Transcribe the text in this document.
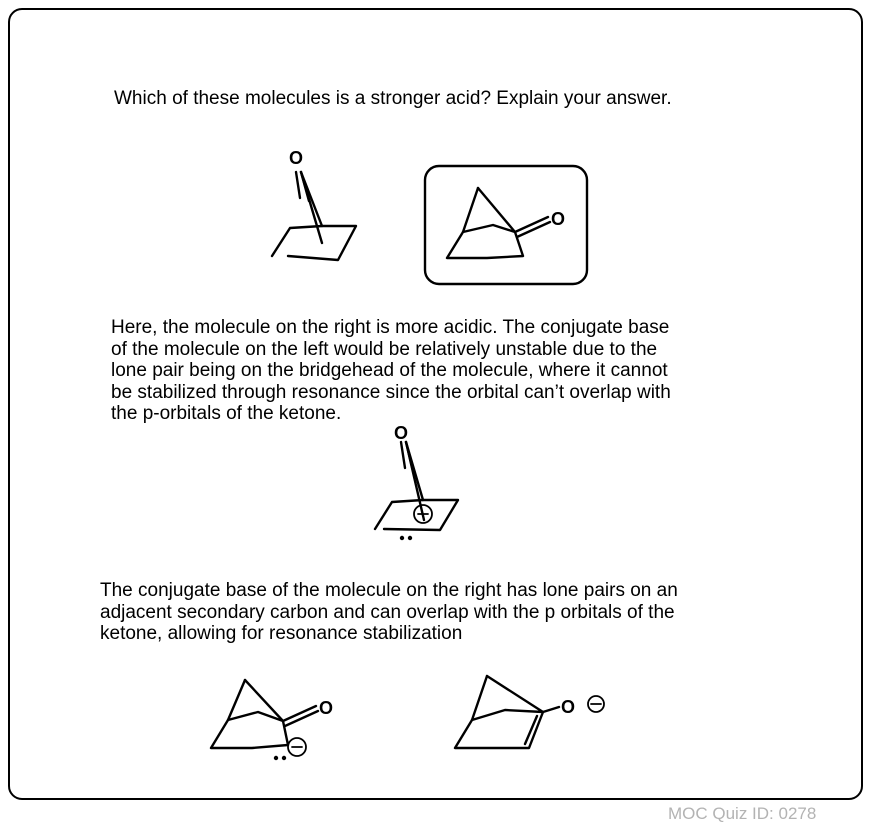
Which of these molecules is a stronger acid? Explain your answer.
Here, the molecule on the right is more acidic. The conjugate base
of the molecule on the left would be relatively unstable due to the
lone pair being on the bridgehead of the molecule, where it cannot
be stabilized through resonance since the orbital can’t overlap with
the p-orbitals of the ketone.
The conjugate base of the molecule on the right has lone pairs on an
adjacent secondary carbon and can overlap with the p orbitals of the
ketone, allowing for resonance stabilization
O
O
O
O	O
MOC Quiz ID: 0278
